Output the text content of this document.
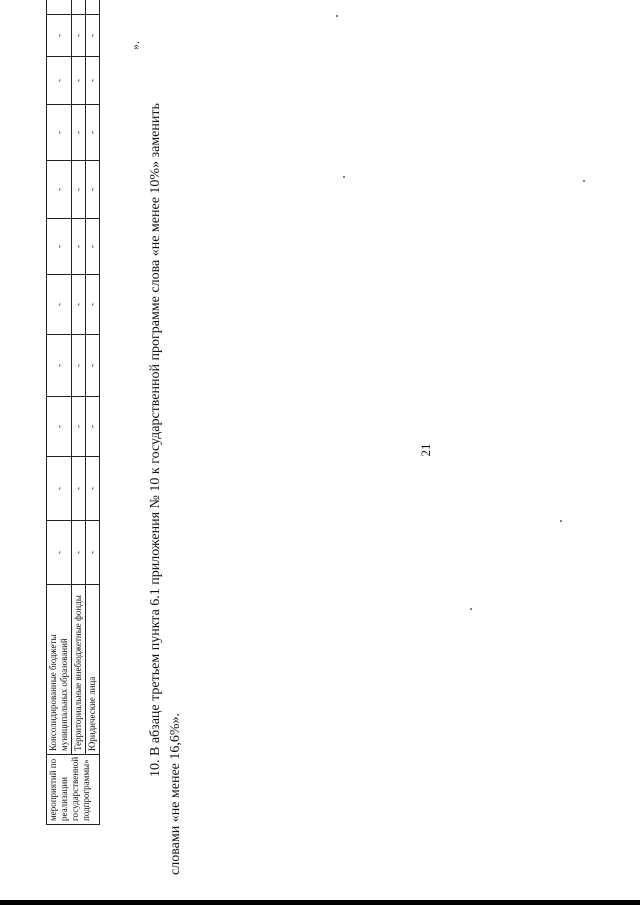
21
мероприятий по реализации государственной подпрограммы»	Консолидированные бюджеты муниципальных образований	-	-	-	-	-	-	-	-	-	-	
	Территориальные внебюджетные фонды	-	-	-	-	-	-	-	-	-	-	
	Юридические лица	-	-	-	-	-	-	-	-	-	-	
».

10. В абзаце третьем пункта 6.1 приложения № 10 к государственной программе слова «не менее 10%» заменить

словами «не менее 16,6%».
